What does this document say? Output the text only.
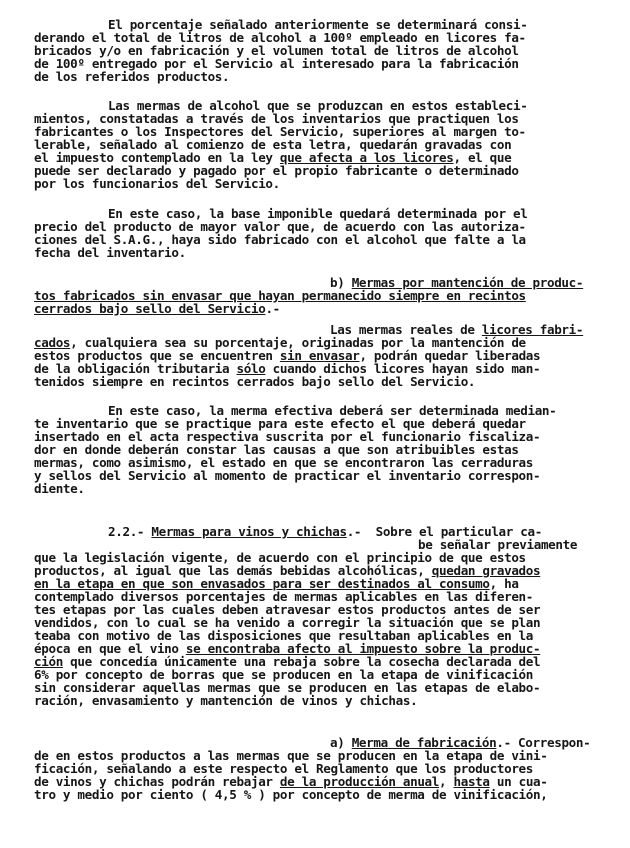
El porcentaje señalado anteriormente se determinará consi-
derando el total de litros de alcohol a 100º empleado en licores fa-
bricados y/o en fabricación y el volumen total de litros de alcohol
de 100º entregado por el Servicio al interesado para la fabricación
de los referidos productos.
Las mermas de alcohol que se produzcan en estos estableci-
mientos, constatadas a través de los inventarios que practiquen los
fabricantes o los Inspectores del Servicio, superiores al margen to-
lerable, señalado al comienzo de esta letra, quedarán gravadas con
el impuesto contemplado en la ley que afecta a los licores, el que
puede ser declarado y pagado por el propio fabricante o determinado
por los funcionarios del Servicio.
En este caso, la base imponible quedará determinada por el
precio del producto de mayor valor que, de acuerdo con las autoriza-
ciones del S.A.G., haya sido fabricado con el alcohol que falte a la
fecha del inventario.
b) Mermas por mantención de produc-
tos fabricados sin envasar que hayan permanecido siempre en recintos
cerrados bajo sello del Servicio.-
Las mermas reales de licores fabri-
cados, cualquiera sea su porcentaje, originadas por la mantención de
estos productos que se encuentren sin envasar, podrán quedar liberadas
de la obligación tributaria sólo cuando dichos licores hayan sido man-
tenidos siempre en recintos cerrados bajo sello del Servicio.
En este caso, la merma efectiva deberá ser determinada median-
te inventario que se practique para este efecto el que deberá quedar
insertado en el acta respectiva suscrita por el funcionario fiscaliza-
dor en donde deberán constar las causas a que son atribuibles estas
mermas, como asimismo, el estado en que se encontraron las cerraduras
y sellos del Servicio al momento de practicar el inventario correspon-
diente.
2.2.- Mermas para vinos y chichas.-  Sobre el particular ca-
be señalar previamente
que la legislación vigente, de acuerdo con el principio de que estos
productos, al igual que las demás bebidas alcohólicas, quedan gravados
en la etapa en que son envasados para ser destinados al consumo, ha
contemplado diversos porcentajes de mermas aplicables en las diferen-
tes etapas por las cuales deben atravesar estos productos antes de ser
vendidos, con lo cual se ha venido a corregir la situación que se plan
teaba con motivo de las disposiciones que resultaban aplicables en la
época en que el vino se encontraba afecto al impuesto sobre la produc-
ción que concedía únicamente una rebaja sobre la cosecha declarada del
6% por concepto de borras que se producen en la etapa de vinificación
sin considerar aquellas mermas que se producen en las etapas de elabo-
ración, envasamiento y mantención de vinos y chichas.
a) Merma de fabricación.- Correspon-
de en estos productos a las mermas que se producen en la etapa de vini-
ficación, señalando a este respecto el Reglamento que los productores
de vinos y chichas podrán rebajar de la producción anual, hasta un cua-
tro y medio por ciento ( 4,5 % ) por concepto de merma de vinificación,
